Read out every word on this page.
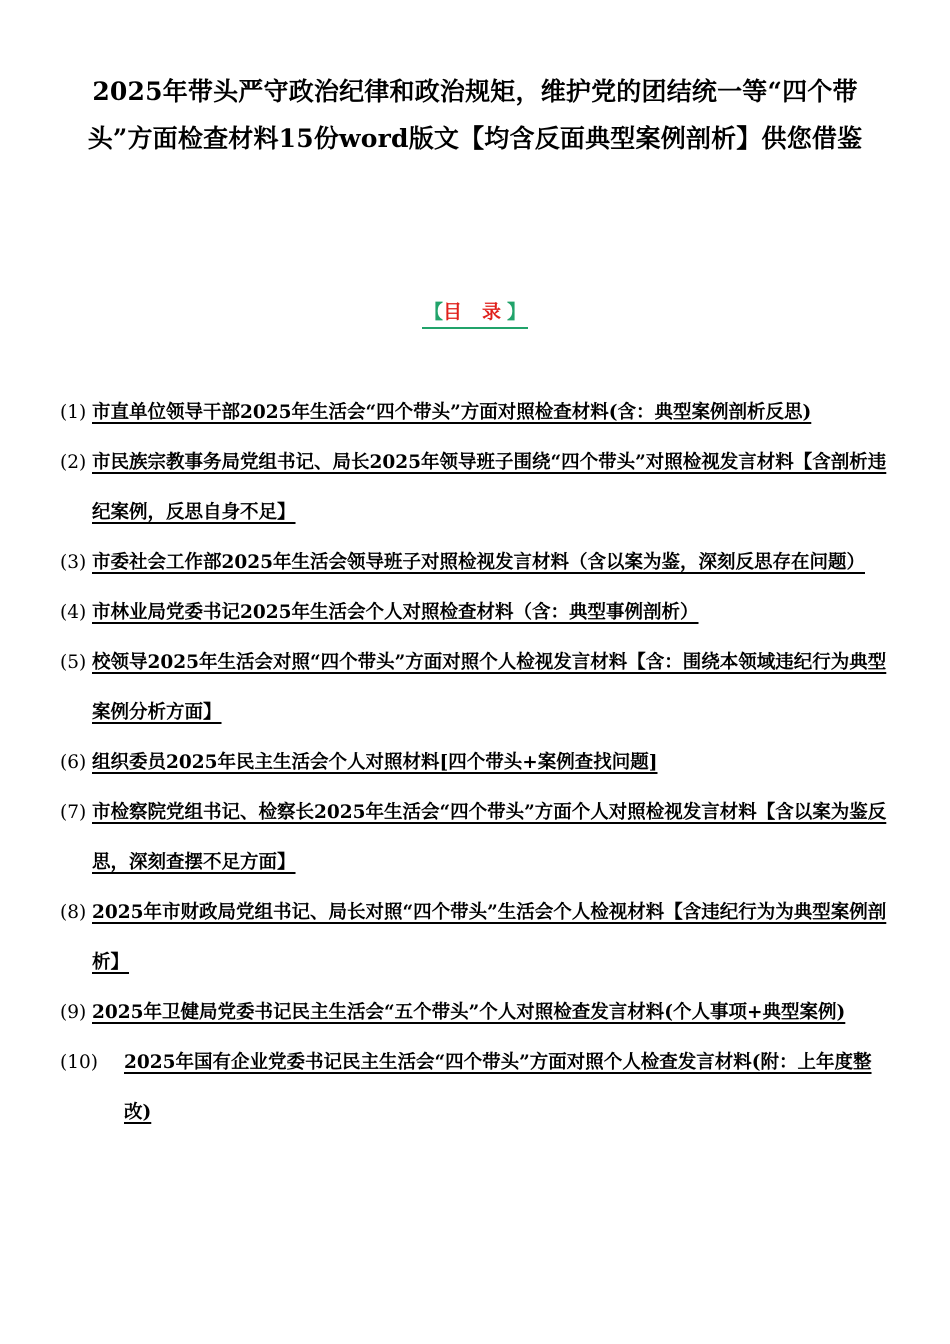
2025年带头严守政治纪律和政治规矩，维护党的团结统一等“四个带头”方面检查材料15份word版文【均含反面典型案例剖析】供您借鉴
【目 录】
(1) 市直单位领导干部2025年生活会“四个带头”方面对照检查材料(含：典型案例剖析反思)
(2) 市民族宗教事务局党组书记、局长2025年领导班子围绕“四个带头”对照检视发言材料【含剖析违纪案例，反思自身不足】
(3) 市委社会工作部2025年生活会领导班子对照检视发言材料（含以案为鉴，深刻反思存在问题）
(4) 市林业局党委书记2025年生活会个人对照检查材料（含：典型事例剖析）
(5) 校领导2025年生活会对照“四个带头”方面对照个人检视发言材料【含：围绕本领域违纪行为典型案例分析方面】
(6) 组织委员2025年民主生活会个人对照材料[四个带头+案例查找问题]
(7) 市检察院党组书记、检察长2025年生活会“四个带头”方面个人对照检视发言材料【含以案为鉴反思，深刻查摆不足方面】
(8) 2025年市财政局党组书记、局长对照“四个带头”生活会个人检视材料【含违纪行为为典型案例剖析】
(9) 2025年卫健局党委书记民主生活会“五个带头”个人对照检查发言材料(个人事项+典型案例)
(10) 2025年国有企业党委书记民主生活会“四个带头”方面对照个人检查发言材料(附：上年度整改)
